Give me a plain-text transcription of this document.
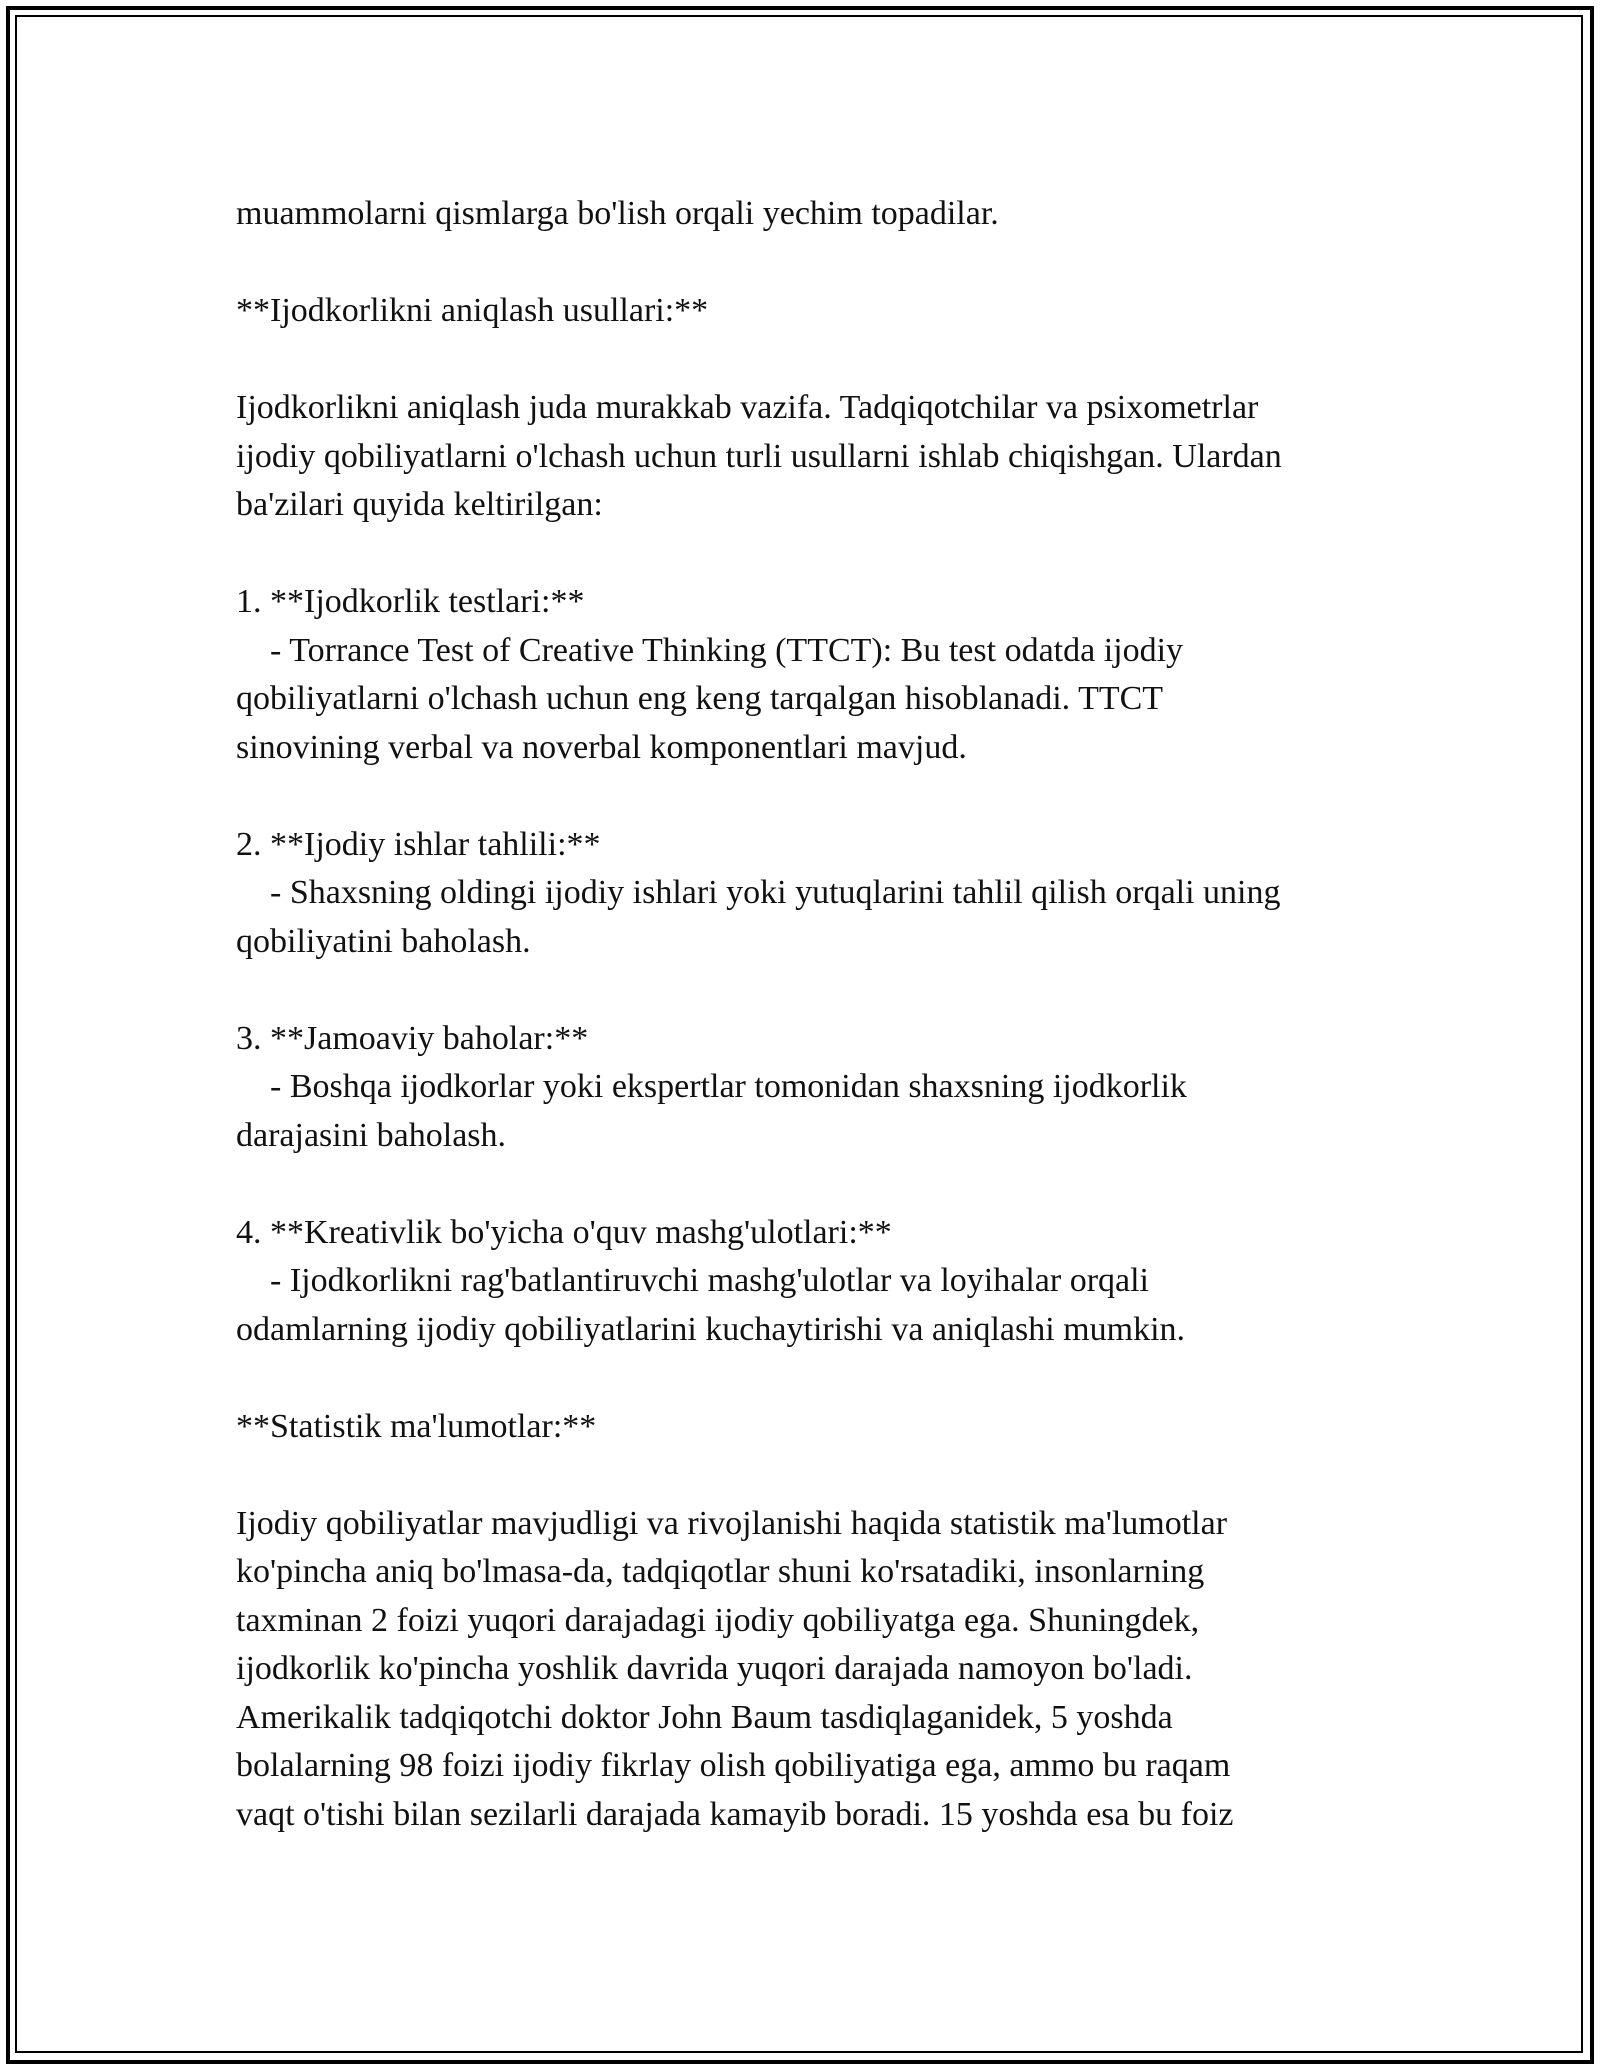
muammolarni qismlarga bo'lish orqali yechim topadilar.
**Ijodkorlikni aniqlash usullari:**
Ijodkorlikni aniqlash juda murakkab vazifa. Tadqiqotchilar va psixometrlar
ijodiy qobiliyatlarni o'lchash uchun turli usullarni ishlab chiqishgan. Ulardan
ba'zilari quyida keltirilgan:
1. **Ijodkorlik testlari:**
- Torrance Test of Creative Thinking (TTCT): Bu test odatda ijodiy
qobiliyatlarni o'lchash uchun eng keng tarqalgan hisoblanadi. TTCT
sinovining verbal va noverbal komponentlari mavjud.
2. **Ijodiy ishlar tahlili:**
- Shaxsning oldingi ijodiy ishlari yoki yutuqlarini tahlil qilish orqali uning
qobiliyatini baholash.
3. **Jamoaviy baholar:**
- Boshqa ijodkorlar yoki ekspertlar tomonidan shaxsning ijodkorlik
darajasini baholash.
4. **Kreativlik bo'yicha o'quv mashg'ulotlari:**
- Ijodkorlikni rag'batlantiruvchi mashg'ulotlar va loyihalar orqali
odamlarning ijodiy qobiliyatlarini kuchaytirishi va aniqlashi mumkin.
**Statistik ma'lumotlar:**
Ijodiy qobiliyatlar mavjudligi va rivojlanishi haqida statistik ma'lumotlar
ko'pincha aniq bo'lmasa-da, tadqiqotlar shuni ko'rsatadiki, insonlarning
taxminan 2 foizi yuqori darajadagi ijodiy qobiliyatga ega. Shuningdek,
ijodkorlik ko'pincha yoshlik davrida yuqori darajada namoyon bo'ladi.
Amerikalik tadqiqotchi doktor John Baum tasdiqlaganidek, 5 yoshda
bolalarning 98 foizi ijodiy fikrlay olish qobiliyatiga ega, ammo bu raqam
vaqt o'tishi bilan sezilarli darajada kamayib boradi. 15 yoshda esa bu foiz
